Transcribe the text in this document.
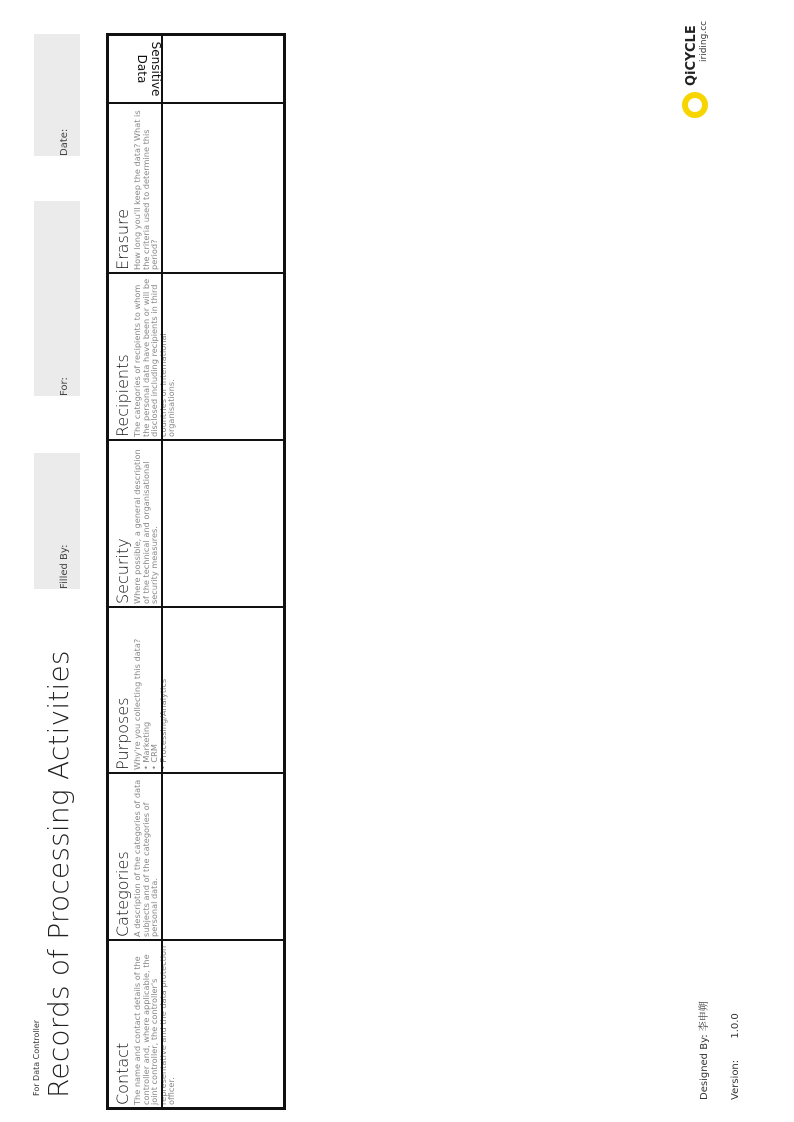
For Data Controller Records of Processing Activities
Filled By:
For:
Date:
Contact The name and contact details of the controller and, where applicable, the joint controller, the controller's representative and the data protection officer.
Categories A description of the categories of data subjects and of the categories of personal data.
Purposes Why're you collecting this data?
• Marketing
• CRM
• Processing/Analytics
Security Where possible, a general description of the technical and organisational security measures.
Recipients The categories of recipients to whom the personal data have been or will be disclosed including recipients in third countries or international organisations.
Erasure How long you'll keep the data? What is the criteria used to determine this period?
Sensitive Data
Designed By: 李申朔
Version: 1.0.0
QiCYCLE iriding.cc
